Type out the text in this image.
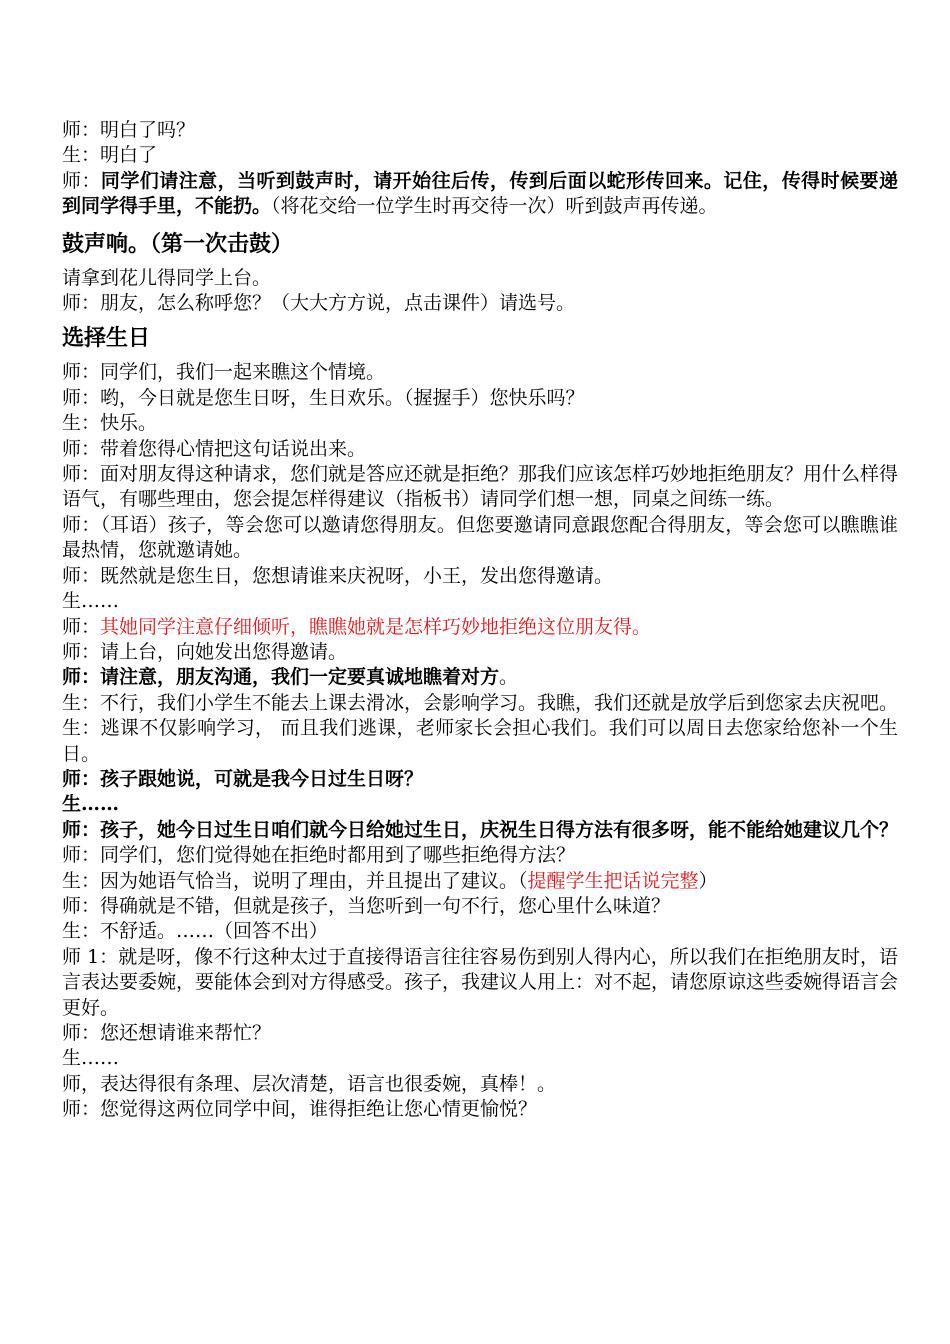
师：明白了吗？

生：明白了

师：同学们请注意，当听到鼓声时，请开始往后传，传到后面以蛇形传回来。记住，传得时候要递到同学得手里，不能扔。（将花交给一位学生时再交待一次）听到鼓声再传递。

鼓声响。（第一次击鼓）

请拿到花儿得同学上台。

师：朋友，怎么称呼您？（大大方方说，点击课件）请选号。

选择生日

师：同学们，我们一起来瞧这个情境。

师：哟，今日就是您生日呀，生日欢乐。（握握手）您快乐吗？

生：快乐。

师：带着您得心情把这句话说出来。

师：面对朋友得这种请求，您们就是答应还就是拒绝？那我们应该怎样巧妙地拒绝朋友？用什么样得语气，有哪些理由，您会提怎样得建议（指板书）请同学们想一想，同桌之间练一练。

师：（耳语）孩子，等会您可以邀请您得朋友。但您要邀请同意跟您配合得朋友，等会您可以瞧瞧谁最热情，您就邀请她。

师：既然就是您生日，您想请谁来庆祝呀，小王，发出您得邀请。

生……

师：其她同学注意仔细倾听，瞧瞧她就是怎样巧妙地拒绝这位朋友得。

师：请上台，向她发出您得邀请。

师：请注意，朋友沟通，我们一定要真诚地瞧着对方。

生：不行，我们小学生不能去上课去滑冰，会影响学习。我瞧，我们还就是放学后到您家去庆祝吧。

生：逃课不仅影响学习， 而且我们逃课，老师家长会担心我们。我们可以周日去您家给您补一个生日。

师：孩子跟她说，可就是我今日过生日呀？

生……

师：孩子，她今日过生日咱们就今日给她过生日，庆祝生日得方法有很多呀，能不能给她建议几个？

师：同学们，您们觉得她在拒绝时都用到了哪些拒绝得方法？

生：因为她语气恰当，说明了理由，并且提出了建议。（提醒学生把话说完整）

师：得确就是不错，但就是孩子，当您听到一句不行，您心里什么味道？

生：不舒适。……（回答不出）

师 1：就是呀，像不行这种太过于直接得语言往往容易伤到别人得内心，所以我们在拒绝朋友时，语言表达要委婉，要能体会到对方得感受。孩子，我建议人用上：对不起，请您原谅这些委婉得语言会更好。

师：您还想请谁来帮忙？

生……

师，表达得很有条理、层次清楚，语言也很委婉，真棒！。

师：您觉得这两位同学中间，谁得拒绝让您心情更愉悦？
